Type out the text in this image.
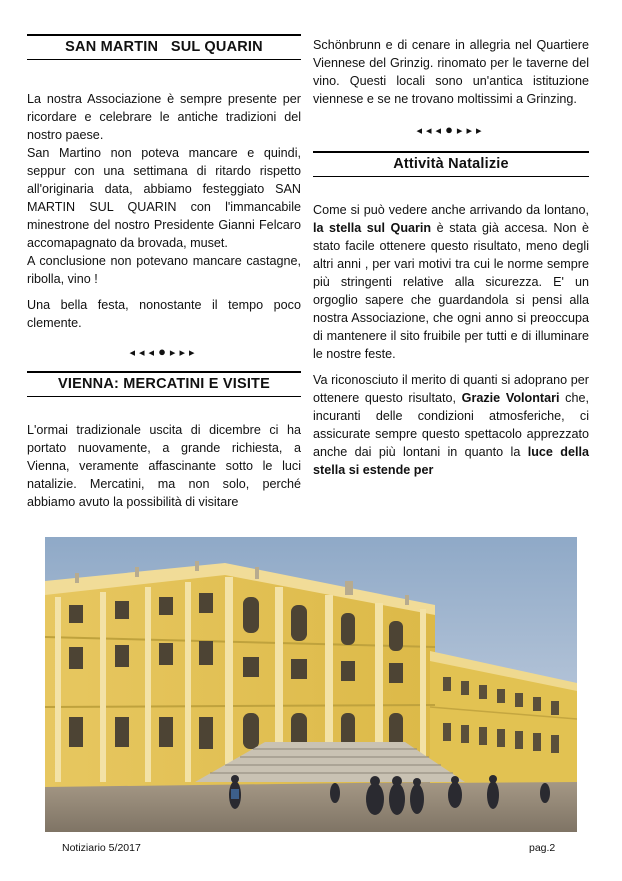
SAN MARTIN   SUL QUARIN

La nostra Associazione è sempre presente per ricordare e celebrare le antiche tradizioni del nostro paese.

San Martino non poteva mancare e quindi, seppur con una settimana di ritardo rispetto all'originaria data, abbiamo festeggiato SAN MARTIN SUL QUARIN con l'immancabile minestrone del nostro Presidente Gianni Felcaro accomapagnato da brovada, muset.

A conclusione non potevano mancare castagne, ribolla, vino !

Una bella festa, nonostante il tempo poco clemente.

◂◂◂●▸▸▸
VIENNA: MERCATINI E VISITE

L'ormai tradizionale uscita di dicembre ci ha portato nuovamente, a grande richiesta, a Vienna, veramente affascinante sotto le luci natalizie. Mercatini, ma non solo, perché abbiamo avuto la possibilità di visitare

Schönbrunn e di cenare in allegria nel Quartiere Viennese del Grinzig. rinomato per le taverne del vino. Questi locali sono un'antica istituzione viennese e se ne trovano moltissimi a Grinzing.

◂◂◂●▸▸▸
Attività Natalizie

Come si può vedere anche arrivando da lontano, la stella sul Quarin è stata già accesa. Non è stato facile ottenere questo risultato, meno degli altri anni , per vari motivi tra cui le norme sempre più stringenti relative alla sicurezza. E' un orgoglio sapere che guardandola si pensi alla nostra Associazione, che ogni anno si preoccupa di mantenere il sito fruibile per tutti e di illuminare le nostre feste.

Va riconosciuto il merito di quanti si adoprano per ottenere questo risultato, Grazie Volontari che, incuranti delle condizioni atmosferiche, ci assicurate sempre questo spettacolo apprezzato anche dai più lontani in quanto la luce della stella si estende per

Notiziario 5/2017	pag.2
